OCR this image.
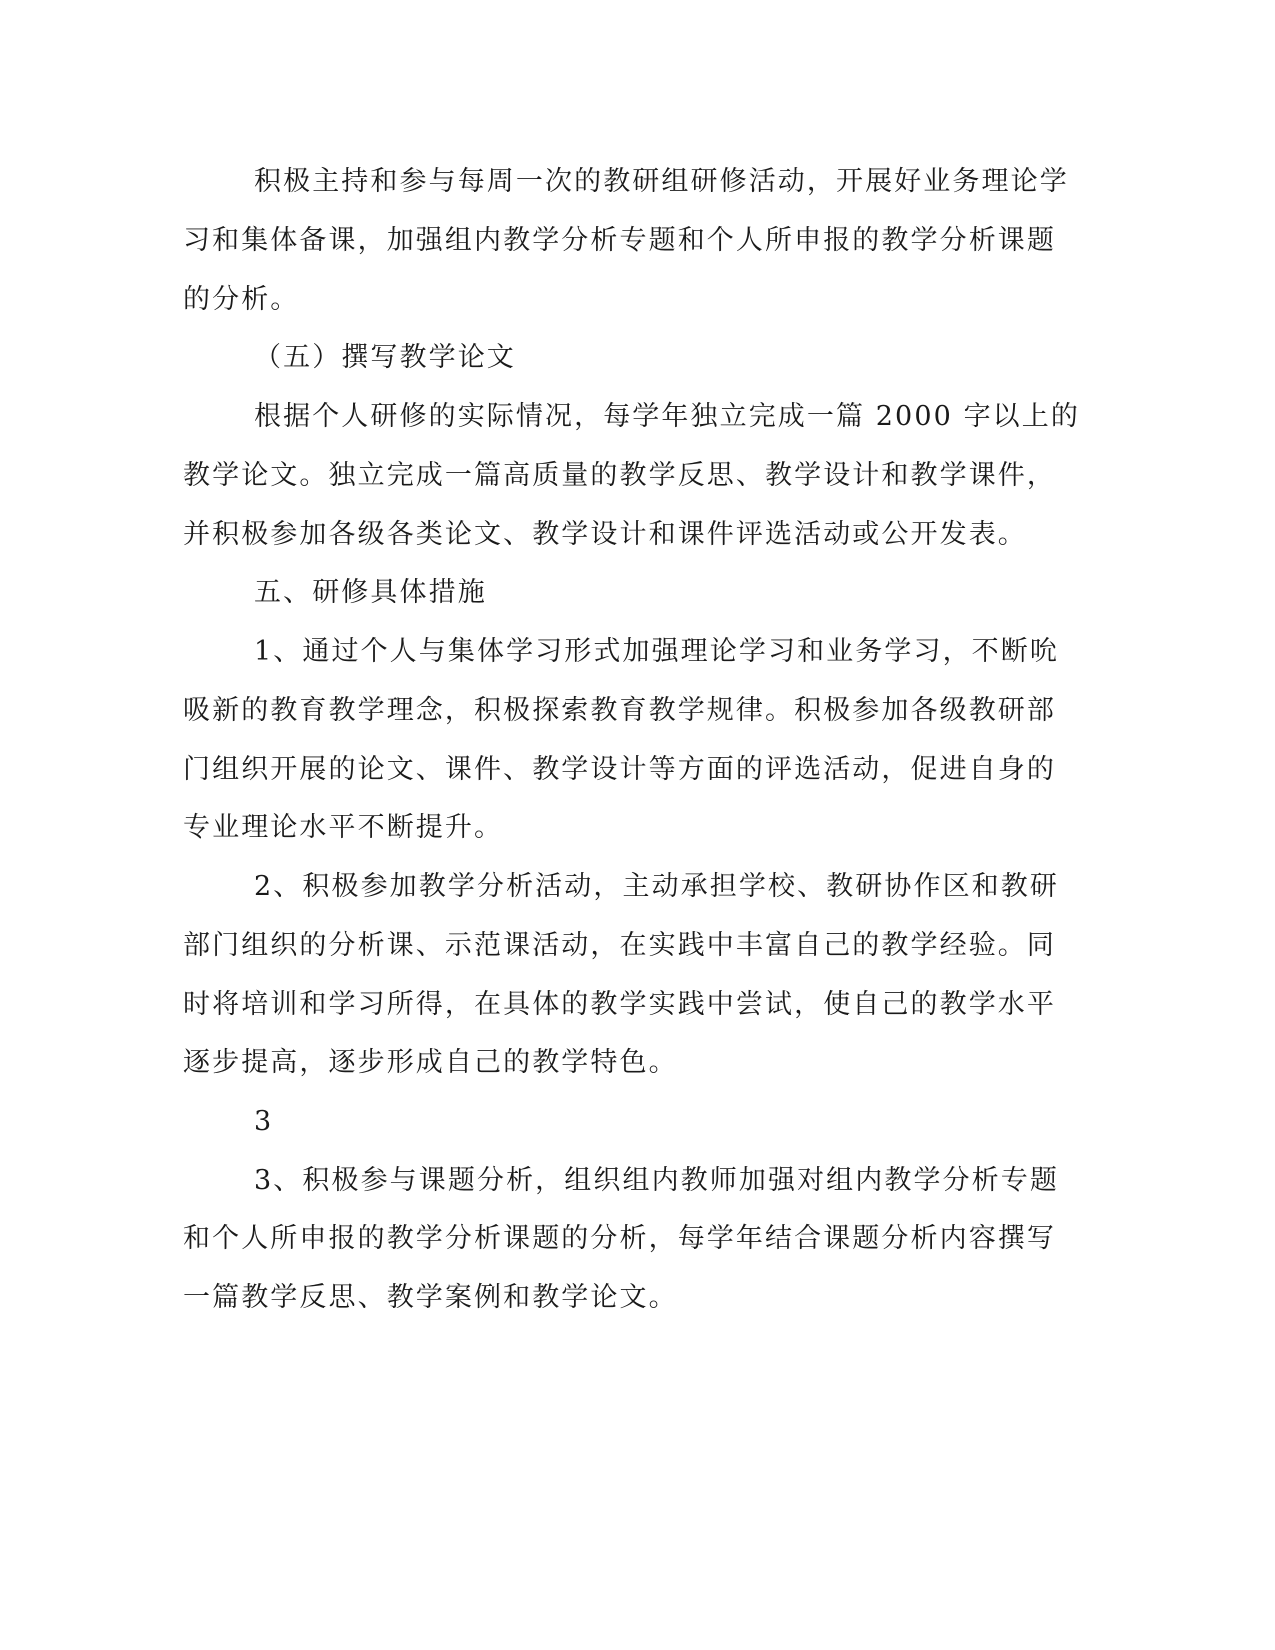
积极主持和参与每周一次的教研组研修活动，开展好业务理论学

习和集体备课，加强组内教学分析专题和个人所申报的教学分析课题

的分析。

（五）撰写教学论文

根据个人研修的实际情况，每学年独立完成一篇 2000 字以上的

教学论文。独立完成一篇高质量的教学反思、教学设计和教学课件，

并积极参加各级各类论文、教学设计和课件评选活动或公开发表。

五、研修具体措施

1、通过个人与集体学习形式加强理论学习和业务学习，不断吮

吸新的教育教学理念，积极探索教育教学规律。积极参加各级教研部

门组织开展的论文、课件、教学设计等方面的评选活动，促进自身的

专业理论水平不断提升。

2、积极参加教学分析活动，主动承担学校、教研协作区和教研

部门组织的分析课、示范课活动，在实践中丰富自己的教学经验。同

时将培训和学习所得，在具体的教学实践中尝试，使自己的教学水平

逐步提高，逐步形成自己的教学特色。

3

3、积极参与课题分析，组织组内教师加强对组内教学分析专题

和个人所申报的教学分析课题的分析，每学年结合课题分析内容撰写

一篇教学反思、教学案例和教学论文。
